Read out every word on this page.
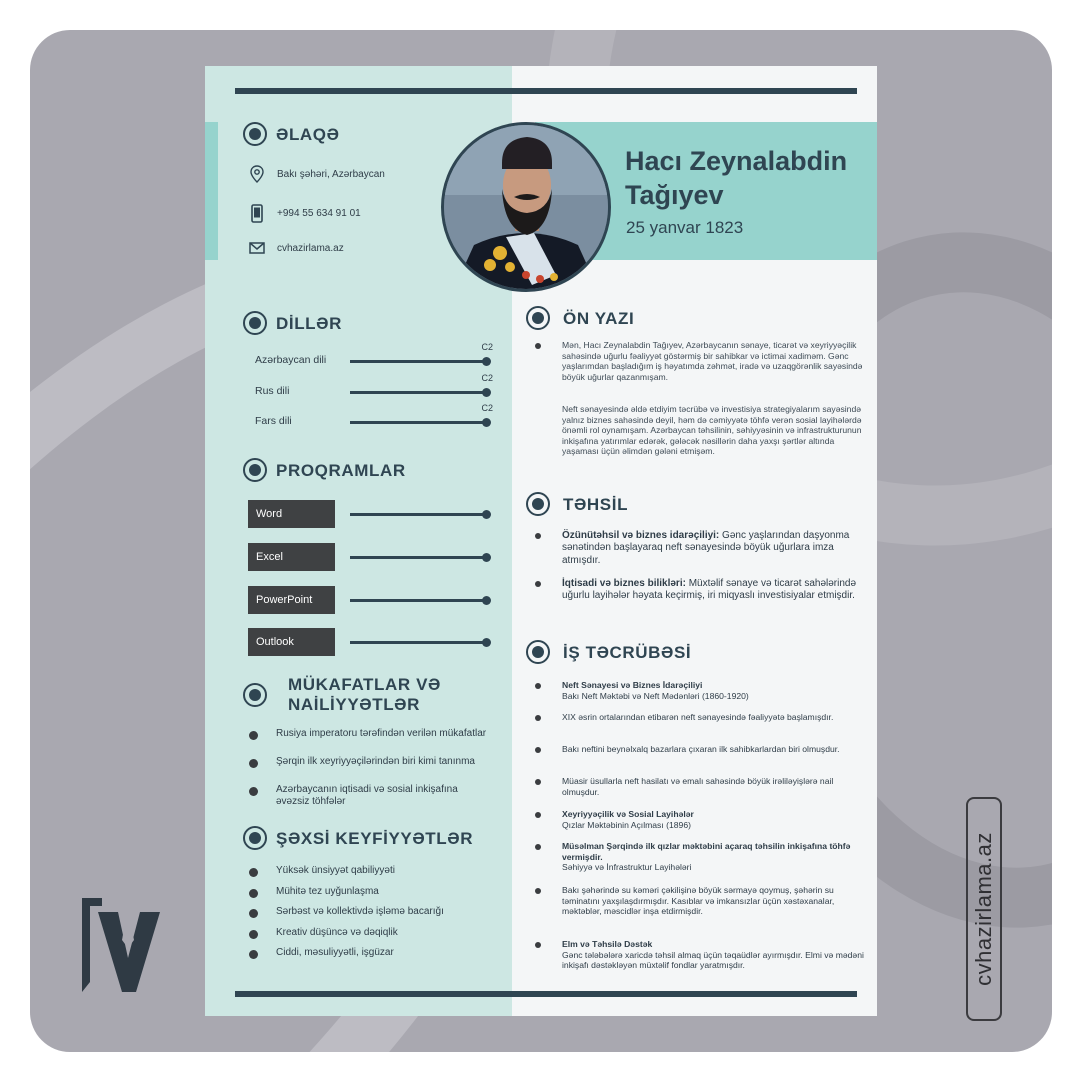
Hacı Zeynalabdin Tağıyev
25 yanvar 1823
ƏLAQƏ
Bakı şəhəri, Azərbaycan
+994 55 634 91 01
cvhazirlama.az
DİLLƏR
Azərbaycan dili
C2
Rus dili
C2
Fars dili
C2
PROQRAMLAR
Word
Excel
PowerPoint
Outlook
MÜKAFATLAR VƏ
NAİLİYYƏTLƏR
Rusiya imperatoru tərəfindən verilən mükafatlar
Şərqin ilk xeyriyyəçilərindən biri kimi tanınma
Azərbaycanın iqtisadi və sosial inkişafına əvəzsiz töhfələr
ŞƏXSİ KEYFİYYƏTLƏR
Yüksək ünsiyyət qabiliyyəti
Mühitə tez uyğunlaşma
Sərbəst və kollektivdə işləmə bacarığı
Kreativ düşüncə və dəqiqlik
Ciddi, məsuliyyətli, işgüzar
ÖN YAZI
Mən, Hacı Zeynalabdin Tağıyev, Azərbaycanın sənaye, ticarət və xeyriyyəçilik sahəsində uğurlu fəaliyyət göstərmiş bir sahibkar və ictimai xadiməm. Gənc yaşlarımdan başladığım iş həyatımda zəhmət, iradə və uzaqgörənlik sayəsində böyük uğurlar qazanmışam.
Neft sənayesində əldə etdiyim təcrübə və investisiya strategiyalarım sayəsində yalnız biznes sahəsində deyil, həm də cəmiyyətə töhfə verən sosial layihələrdə önəmli rol oynamışam. Azərbaycan təhsilinin, səhiyyəsinin və infrastrukturunun inkişafına yatırımlar edərək, gələcək nəsillərin daha yaxşı şərtlər altında yaşaması üçün əlimdən gələni etmişəm.
TƏHSİL
Özünütəhsil və biznes idarəçiliyi: Gənc yaşlarından daşyonma sənətindən başlayaraq neft sənayesində böyük uğurlara imza atmışdır.
İqtisadi və biznes bilikləri: Müxtəlif sənaye və ticarət sahələrində uğurlu layihələr həyata keçirmiş, iri miqyaslı investisiyalar etmişdir.
İŞ TƏCRÜBƏSİ
Neft Sənayesi və Biznes İdarəçiliyi
Bakı Neft Məktəbi və Neft Mədənləri (1860-1920)
XIX əsrin ortalarından etibarən neft sənayesində fəaliyyətə başlamışdır.
Bakı neftini beynəlxalq bazarlara çıxaran ilk sahibkarlardan biri olmuşdur.
Müasir üsullarla neft hasilatı və emalı sahəsində böyük irəliləyişlərə nail olmuşdur.
Xeyriyyəçilik və Sosial Layihələr
Qızlar Məktəbinin Açılması (1896)
Müsəlman Şərqində ilk qızlar məktəbini açaraq təhsilin inkişafına töhfə vermişdir.
Səhiyyə və İnfrastruktur Layihələri
Bakı şəhərində su kəməri çəkilişinə böyük sərmayə qoymuş, şəhərin su təminatını yaxşılaşdırmışdır. Kasıblar və imkansızlar üçün xəstəxanalar, məktəblər, məscidlər inşa etdirmişdir.
Elm və Təhsilə Dəstək
Gənc tələbələrə xaricdə təhsil almaq üçün təqaüdlər ayırmışdır. Elmi və mədəni inkişafı dəstəkləyən müxtəlif fondlar yaratmışdır.	cvhazirlama.az
